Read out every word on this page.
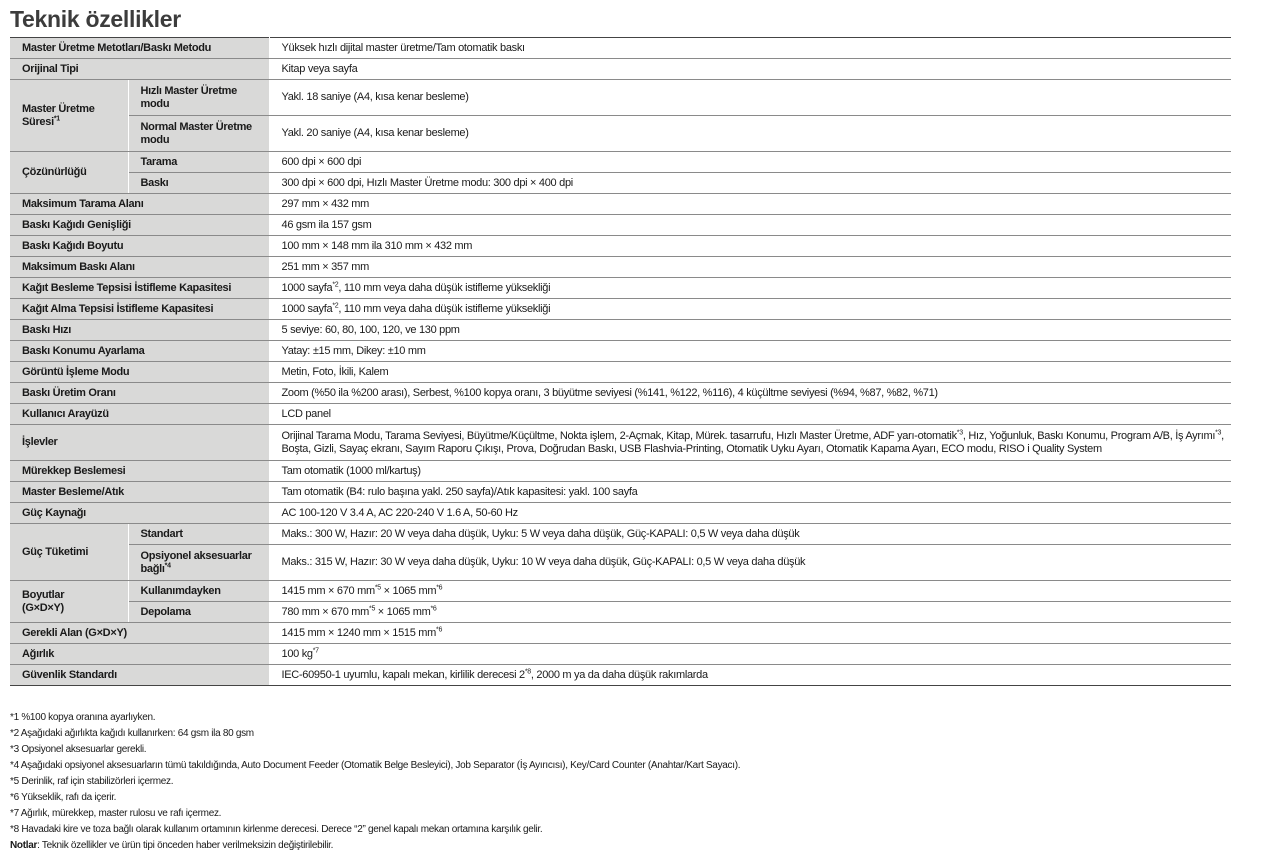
Teknik özellikler
Master Üretme Metotları/Baskı Metodu		Yüksek hızlı dijital master üretme/Tam otomatik baskı
Orijinal Tipi		Kitap veya sayfa
Master Üretme Süresi$^{*1}$	Hızlı Master Üretme modu	Yakl. 18 saniye (A4, kısa kenar besleme)
	Normal Master Üretme modu	Yakl. 20 saniye (A4, kısa kenar besleme)
Çözünürlüğü	Tarama	600 dpi × 600 dpi
	Baskı	300 dpi × 600 dpi, Hızlı Master Üretme modu: 300 dpi × 400 dpi
Maksimum Tarama Alanı		297 mm × 432 mm
Baskı Kağıdı Genişliği		46 gsm ila 157 gsm
Baskı Kağıdı Boyutu		100 mm × 148 mm ila 310 mm × 432 mm
Maksimum Baskı Alanı		251 mm × 357 mm
Kağıt Besleme Tepsisi İstifleme Kapasitesi		1000 sayfa$^{*2}$, 110 mm veya daha düşük istifleme yüksekliği
Kağıt Alma Tepsisi İstifleme Kapasitesi		1000 sayfa$^{*2}$, 110 mm veya daha düşük istifleme yüksekliği
Baskı Hızı		5 seviye: 60, 80, 100, 120, ve 130 ppm
Baskı Konumu Ayarlama		Yatay: ±15 mm, Dikey: ±10 mm
Görüntü İşleme Modu		Metin, Foto, İkili, Kalem
Baskı Üretim Oranı		Zoom (%50 ila %200 arası), Serbest, %100 kopya oranı, 3 büyütme seviyesi (%141, %122, %116), 4 küçültme seviyesi (%94, %87, %82, %71)
Kullanıcı Arayüzü		LCD panel
İşlevler		Orijinal Tarama Modu, Tarama Seviyesi, Büyütme/Küçültme, Nokta işlem, 2-Açmak, Kitap, Mürek. tasarrufu, Hızlı Master Üretme, ADF yarı-otomatik$^{*3}$, Hız, Yoğunluk, Baskı Konumu, Program A/B, İş Ayrımı$^{*3}$, Boşta, Gizli, Sayaç ekranı, Sayım Raporu Çıkışı, Prova, Doğrudan Baskı, USB Flashvia-Printing, Otomatik Uyku Ayarı, Otomatik Kapama Ayarı, ECO modu, RISO i Quality System
Mürekkep Beslemesi		Tam otomatik (1000 ml/kartuş)
Master Besleme/Atık		Tam otomatik (B4: rulo başına yakl. 250 sayfa)/Atık kapasitesi: yakl. 100 sayfa
Güç Kaynağı		AC 100-120 V 3.4 A, AC 220-240 V 1.6 A, 50-60 Hz
Güç Tüketimi	Standart	Maks.: 300 W, Hazır: 20 W veya daha düşük, Uyku: 5 W veya daha düşük, Güç-KAPALI: 0,5 W veya daha düşük
	Opsiyonel aksesuarlar bağlı$^{*4}$	Maks.: 315 W, Hazır: 30 W veya daha düşük, Uyku: 10 W veya daha düşük, Güç-KAPALI: 0,5 W veya daha düşük
Boyutlar
(G×D×Y)	Kullanımdayken	1415 mm × 670 $mm^{*5} \times 1065$ $mm^{*6}$
	Depolama	780 mm × 670 $mm^{*5} \times 1065$ $mm^{*6}$
Gerekli Alan (G×D×Y)		1415 mm × 1240 mm × 1515 $mm^{*6}$
Ağırlık		100 $kg^{*7}$
Güvenlik Standardı		IEC-60950-1 uyumlu, kapalı mekan, kirlilik derecesi 2$^{*8}$, 2000 m ya da daha düşük rakımlarda
*1 %100 kopya oranına ayarlıyken.
*2 Aşağıdaki ağırlıkta kağıdı kullanırken: 64 gsm ila 80 gsm
*3 Opsiyonel aksesuarlar gerekli.
*4 Aşağıdaki opsiyonel aksesuarların tümü takıldığında, Auto Document Feeder (Otomatik Belge Besleyici), Job Separator (İş Ayırıcısı), Key/Card Counter (Anahtar/Kart Sayacı).
*5 Derinlik, raf için stabilizörleri içermez.
*6 Yükseklik, rafı da içerir.
*7 Ağırlık, mürekkep, master rulosu ve rafı içermez.
*8 Havadaki kire ve toza bağlı olarak kullanım ortamının kirlenme derecesi. Derece “2” genel kapalı mekan ortamına karşılık gelir.
Notlar: Teknik özellikler ve ürün tipi önceden haber verilmeksizin değiştirilebilir.
